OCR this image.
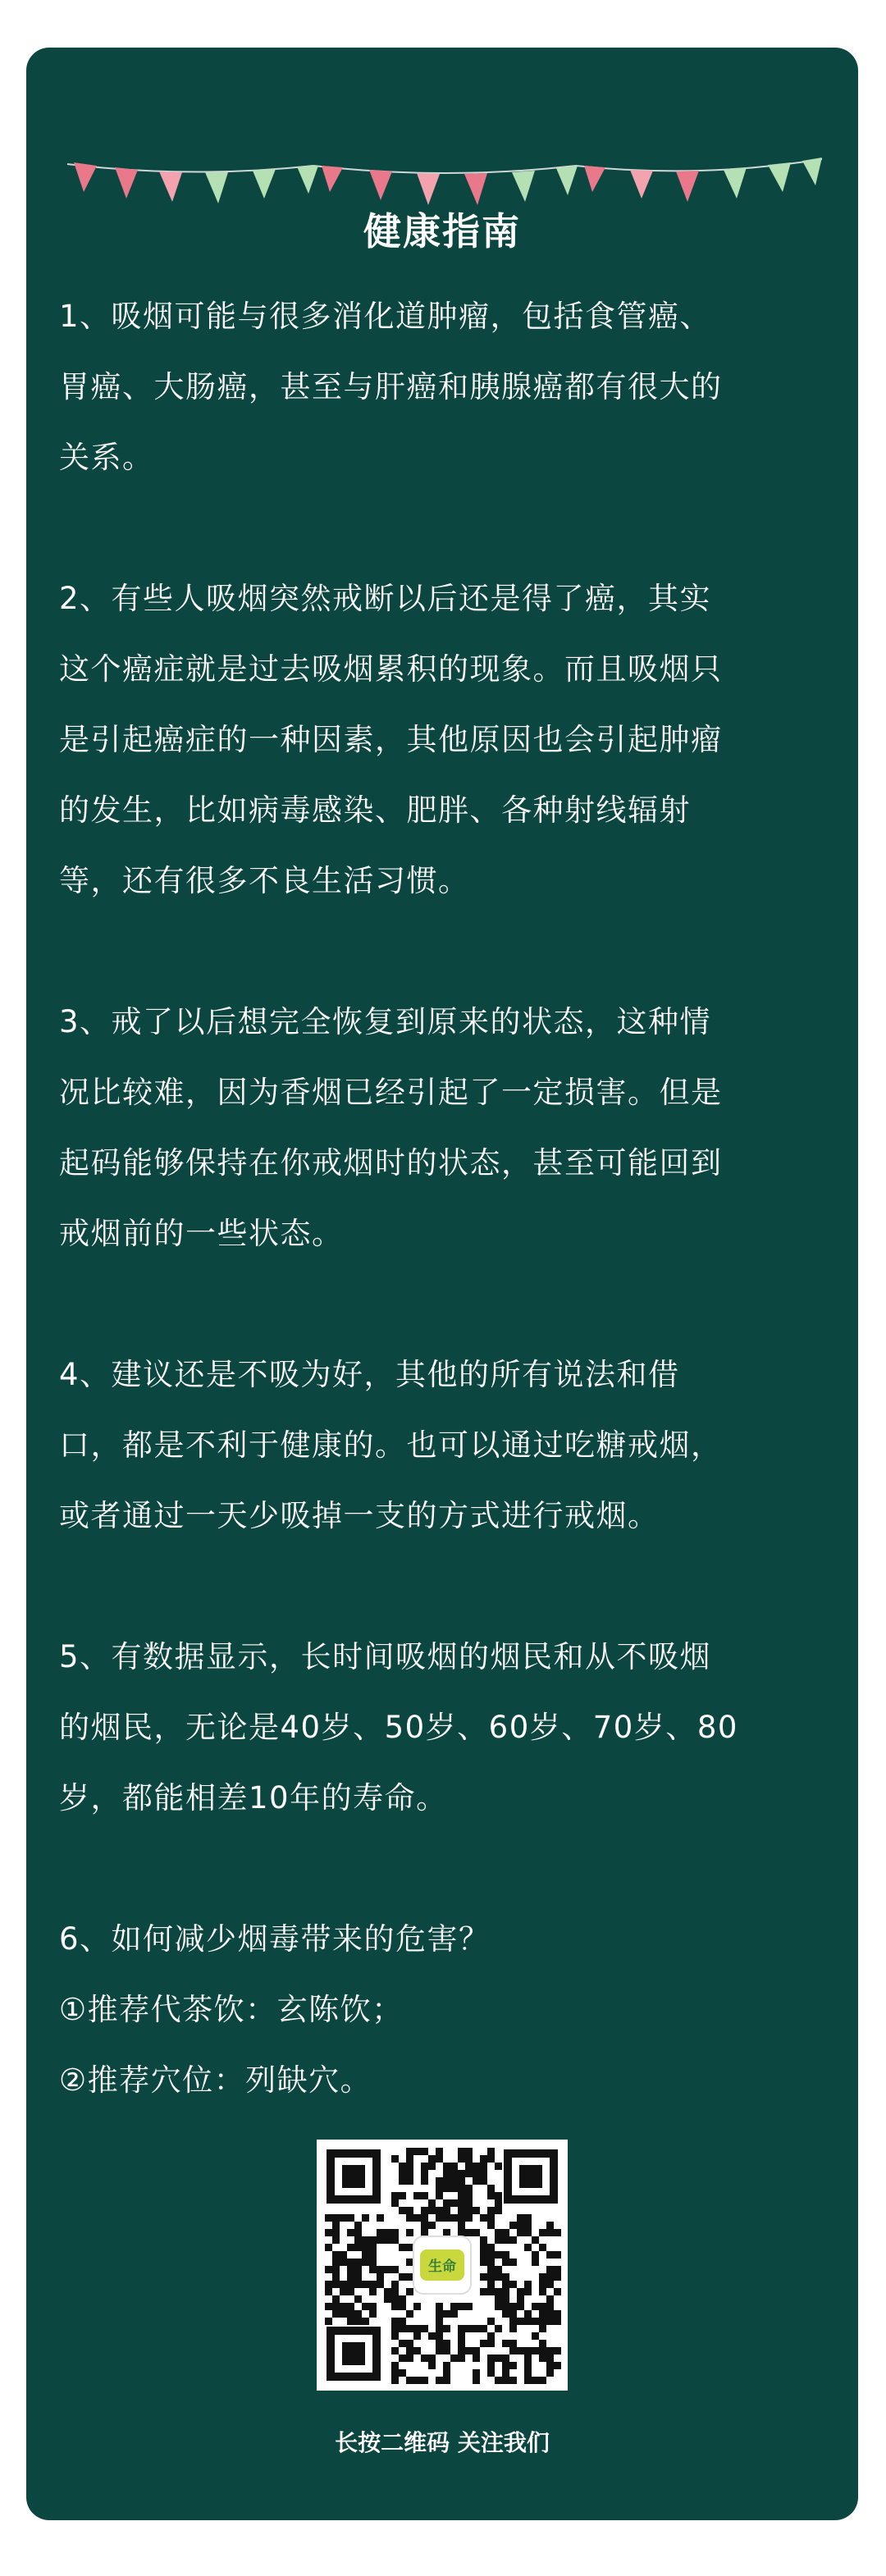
健康指南

1、吸烟可能与很多消化道肿瘤，包括食管癌、
胃癌、大肠癌，甚至与肝癌和胰腺癌都有很大的
关系。

2、有些人吸烟突然戒断以后还是得了癌，其实
这个癌症就是过去吸烟累积的现象。而且吸烟只
是引起癌症的一种因素，其他原因也会引起肿瘤
的发生，比如病毒感染、肥胖、各种射线辐射
等，还有很多不良生活习惯。

3、戒了以后想完全恢复到原来的状态，这种情
况比较难，因为香烟已经引起了一定损害。但是
起码能够保持在你戒烟时的状态，甚至可能回到
戒烟前的一些状态。

4、建议还是不吸为好，其他的所有说法和借
口，都是不利于健康的。也可以通过吃糖戒烟，
或者通过一天少吸掉一支的方式进行戒烟。

5、有数据显示，长时间吸烟的烟民和从不吸烟
的烟民，无论是40岁、50岁、60岁、70岁、80
岁，都能相差10年的寿命。

6、如何减少烟毒带来的危害？
①推荐代茶饮：玄陈饮；
②推荐穴位：列缺穴。
生命
长按二维码 关注我们
